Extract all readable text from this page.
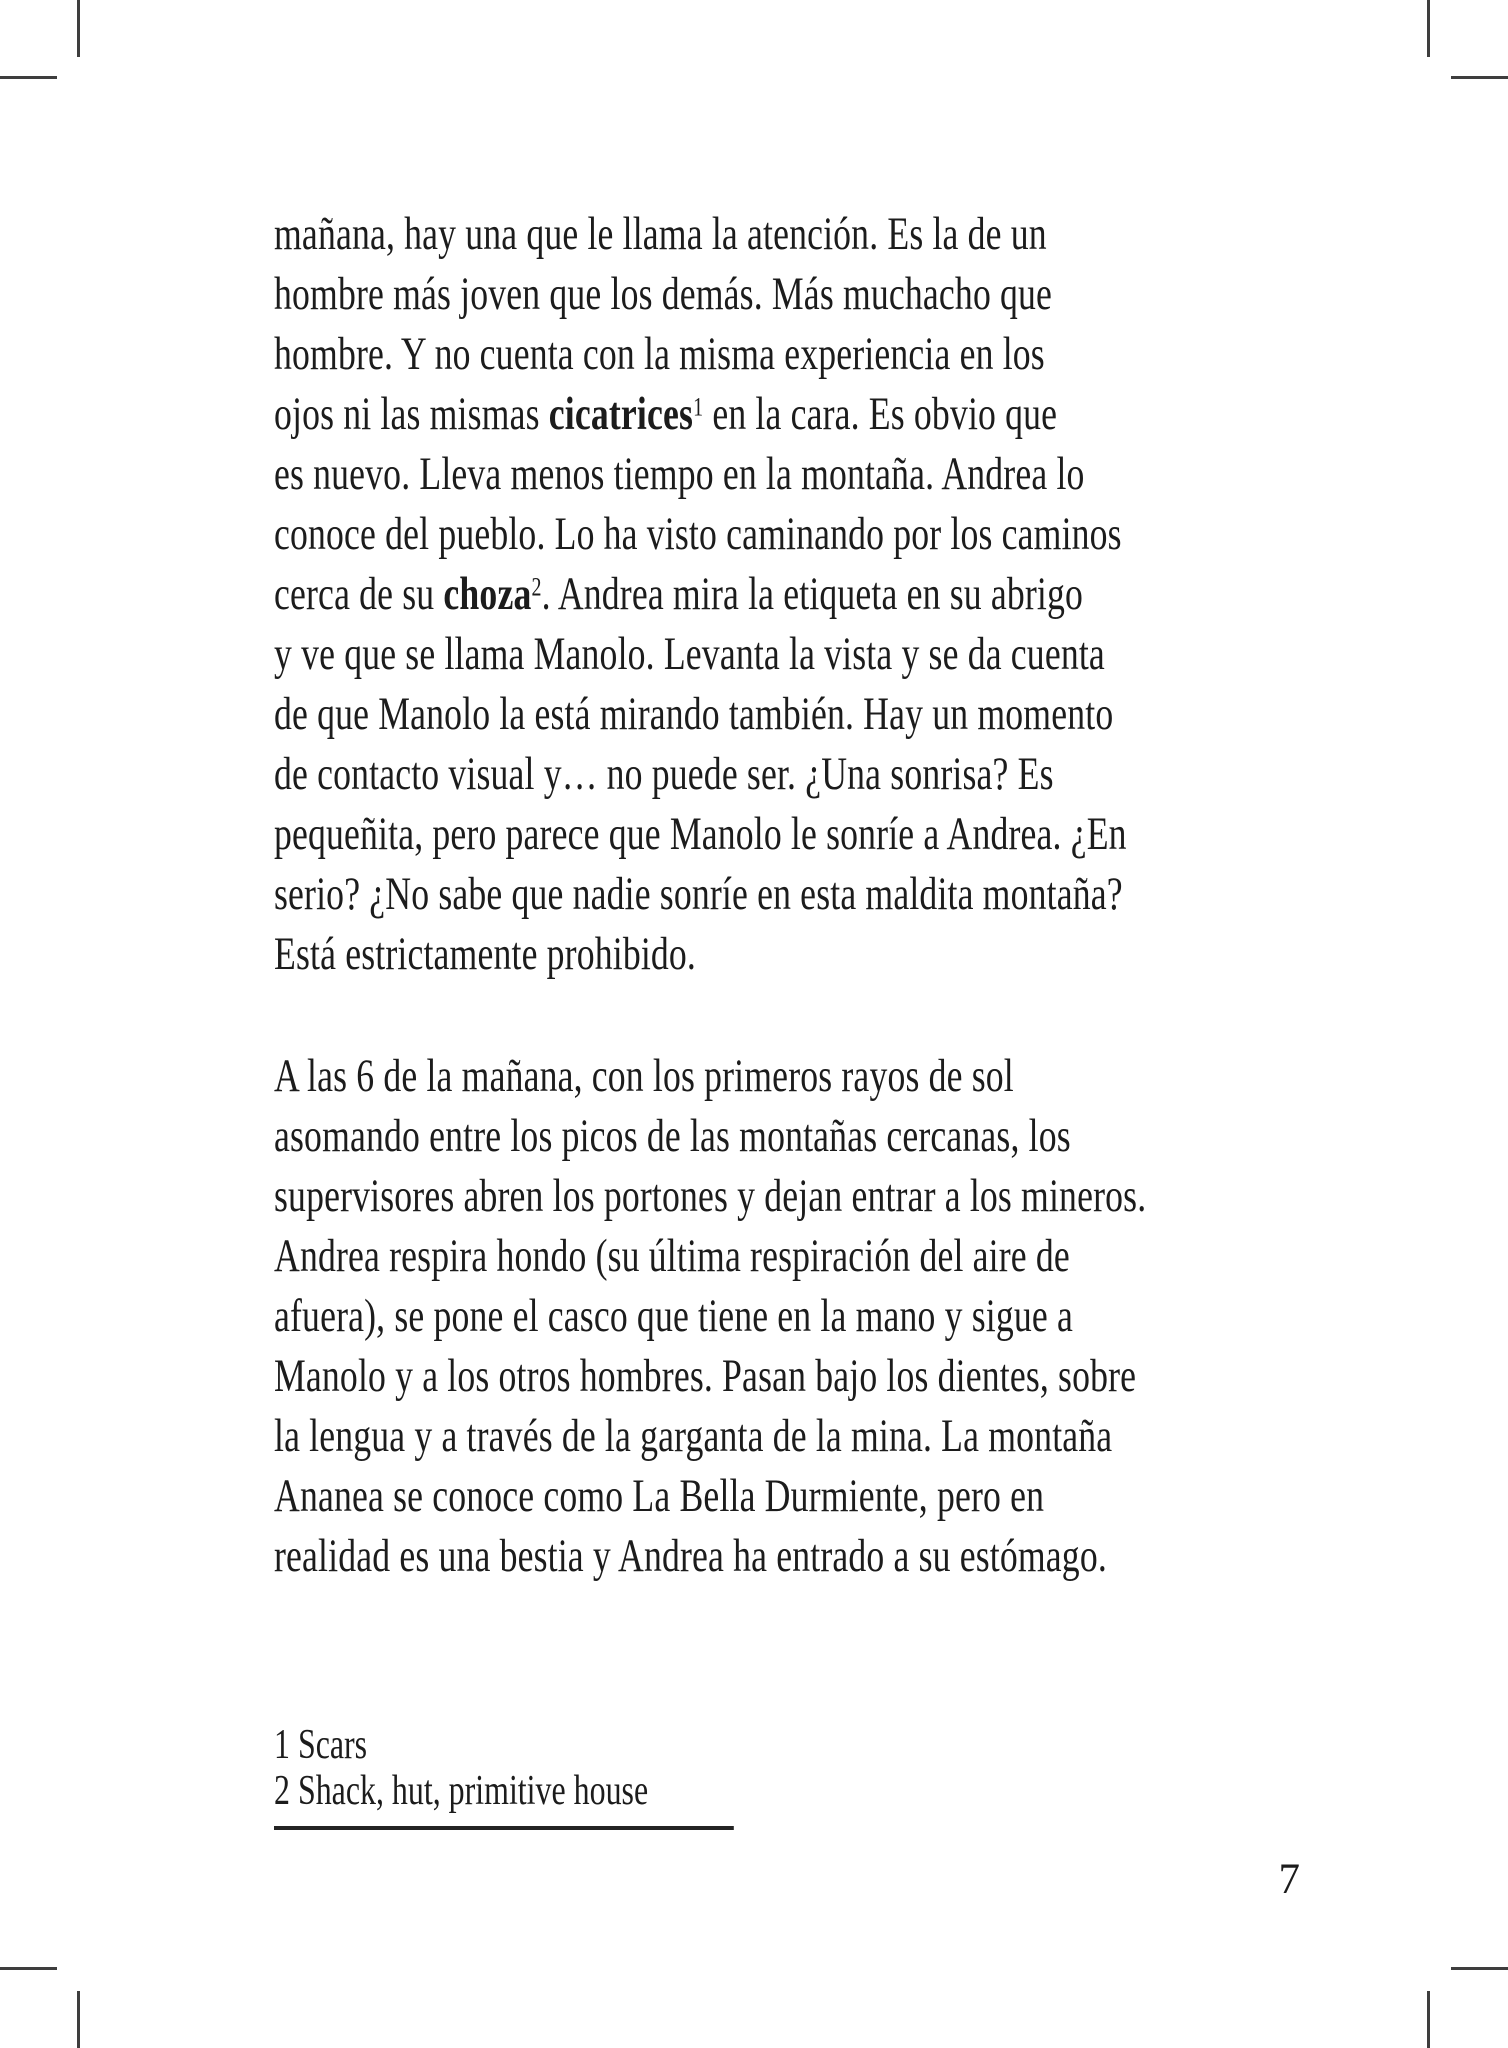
mañana, hay una que le llama la atención. Es la de un
hombre más joven que los demás. Más muchacho que
hombre. Y no cuenta con la misma experiencia en los
ojos ni las mismas cicatrices$^1$ en la cara. Es obvio que
es nuevo. Lleva menos tiempo en la montaña. Andrea lo
conoce del pueblo. Lo ha visto caminando por los caminos
cerca de su choza$^2$. Andrea mira la etiqueta en su abrigo
y ve que se llama Manolo. Levanta la vista y se da cuenta
de que Manolo la está mirando también. Hay un momento
de contacto visual y… no puede ser. ¿Una sonrisa? Es
pequeñita, pero parece que Manolo le sonríe a Andrea. ¿En
serio? ¿No sabe que nadie sonríe en esta maldita montaña?
Está estrictamente prohibido.
A las 6 de la mañana, con los primeros rayos de sol
asomando entre los picos de las montañas cercanas, los
supervisores abren los portones y dejan entrar a los mineros.
Andrea respira hondo (su última respiración del aire de
afuera), se pone el casco que tiene en la mano y sigue a
Manolo y a los otros hombres. Pasan bajo los dientes, sobre
la lengua y a través de la garganta de la mina. La montaña
Ananea se conoce como La Bella Durmiente, pero en
realidad es una bestia y Andrea ha entrado a su estómago.
1 Scars
2 Shack, hut, primitive house
7
